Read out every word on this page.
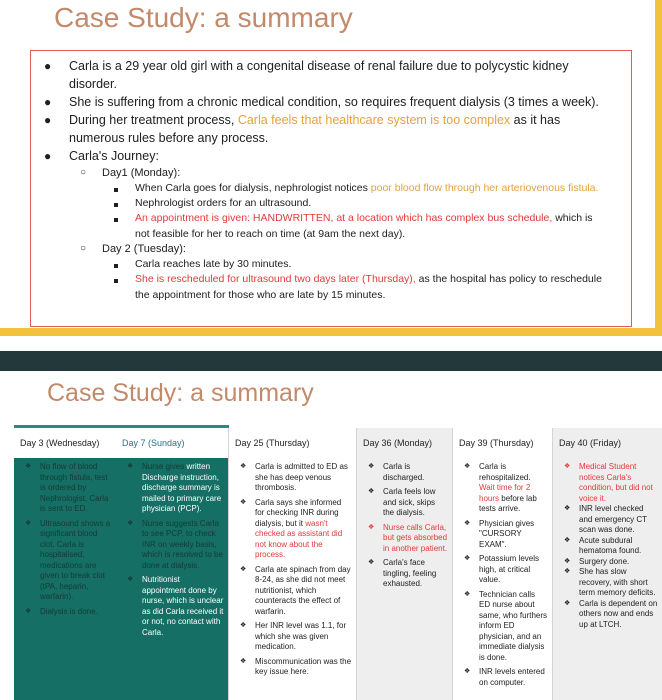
Case Study: a summary
● Carla is a 29 year old girl with a congenital disease of renal failure due to polycystic kidney
disorder.
● She is suffering from a chronic medical condition, so requires frequent dialysis (3 times a week).
● During her treatment process, Carla feels that healthcare system is too complex as it has
numerous rules before any process.
● Carla's Journey:
○ Day1 (Monday):
When Carla goes for dialysis, nephrologist notices poor blood flow through her arteriovenous fistula.
Nephrologist orders for an ultrasound.
An appointment is given: HANDWRITTEN, at a location which has complex bus schedule, which is
not feasible for her to reach on time (at 9am the next day).
○ Day 2 (Tuesday):
Carla reaches late by 30 minutes.
She is rescheduled for ultrasound two days later (Thursday), as the hospital has policy to reschedule
the appointment for those who are late by 15 minutes.
Case Study: a summary
Day 3 (Wednesday)
❖ No flow of blood through fistula, test is ordered by Nephrologist, Carla is sent to ED.
❖ Ultrasound shows a significant blood clot. Carla is hospitalised, medications are given to break clot (tPA, heparin, warfarin).
❖ Dialysis is done.
Day 7 (Sunday)
❖ Nurse gives written Discharge instruction, discharge summary is mailed to primary care physician (PCP).
❖ Nurse suggests Carla to see PCP, to check INR on weekly basis, which is resolved to be done at dialysis.
❖ Nutritionist appointment done by nurse, which is unclear as did Carla received it or not, no contact with Carla.
Day 25 (Thursday)
❖ Carla is admitted to ED as she has deep venous thrombosis.
❖ Carla says she informed for checking INR during dialysis, but it wasn't checked as assistant did not know about the process.
❖ Carla ate spinach from day 8-24, as she did not meet nutritionist, which counteracts the effect of warfarin.
❖ Her INR level was 1.1, for which she was given medication.
❖ Miscommunication was the key issue here.
Day 36 (Monday)
❖ Carla is discharged.
❖ Carla feels low and sick, skips the dialysis.
❖ Nurse calls Carla, but gets absorbed in another patient.
❖ Carla's face tingling, feeling exhausted.
Day 39 (Thursday)
❖ Carla is rehospitalized. Wait time for 2 hours before lab tests arrive.
❖ Physician gives "CURSORY EXAM".
❖ Potassium levels high, at critical value.
❖ Technician calls ED nurse about same, who furthers inform ED physician, and an immediate dialysis is done.
❖ INR levels entered on computer.
Day 40 (Friday)
❖ Medical Student notices Carla's condition, but did not voice it.
❖ INR level checked and emergency CT scan was done.
❖ Acute subdural hematoma found.
❖ Surgery done.
❖ She has slow recovery, with short term memory deficits.
❖ Carla is dependent on others now and ends up at LTCH.
